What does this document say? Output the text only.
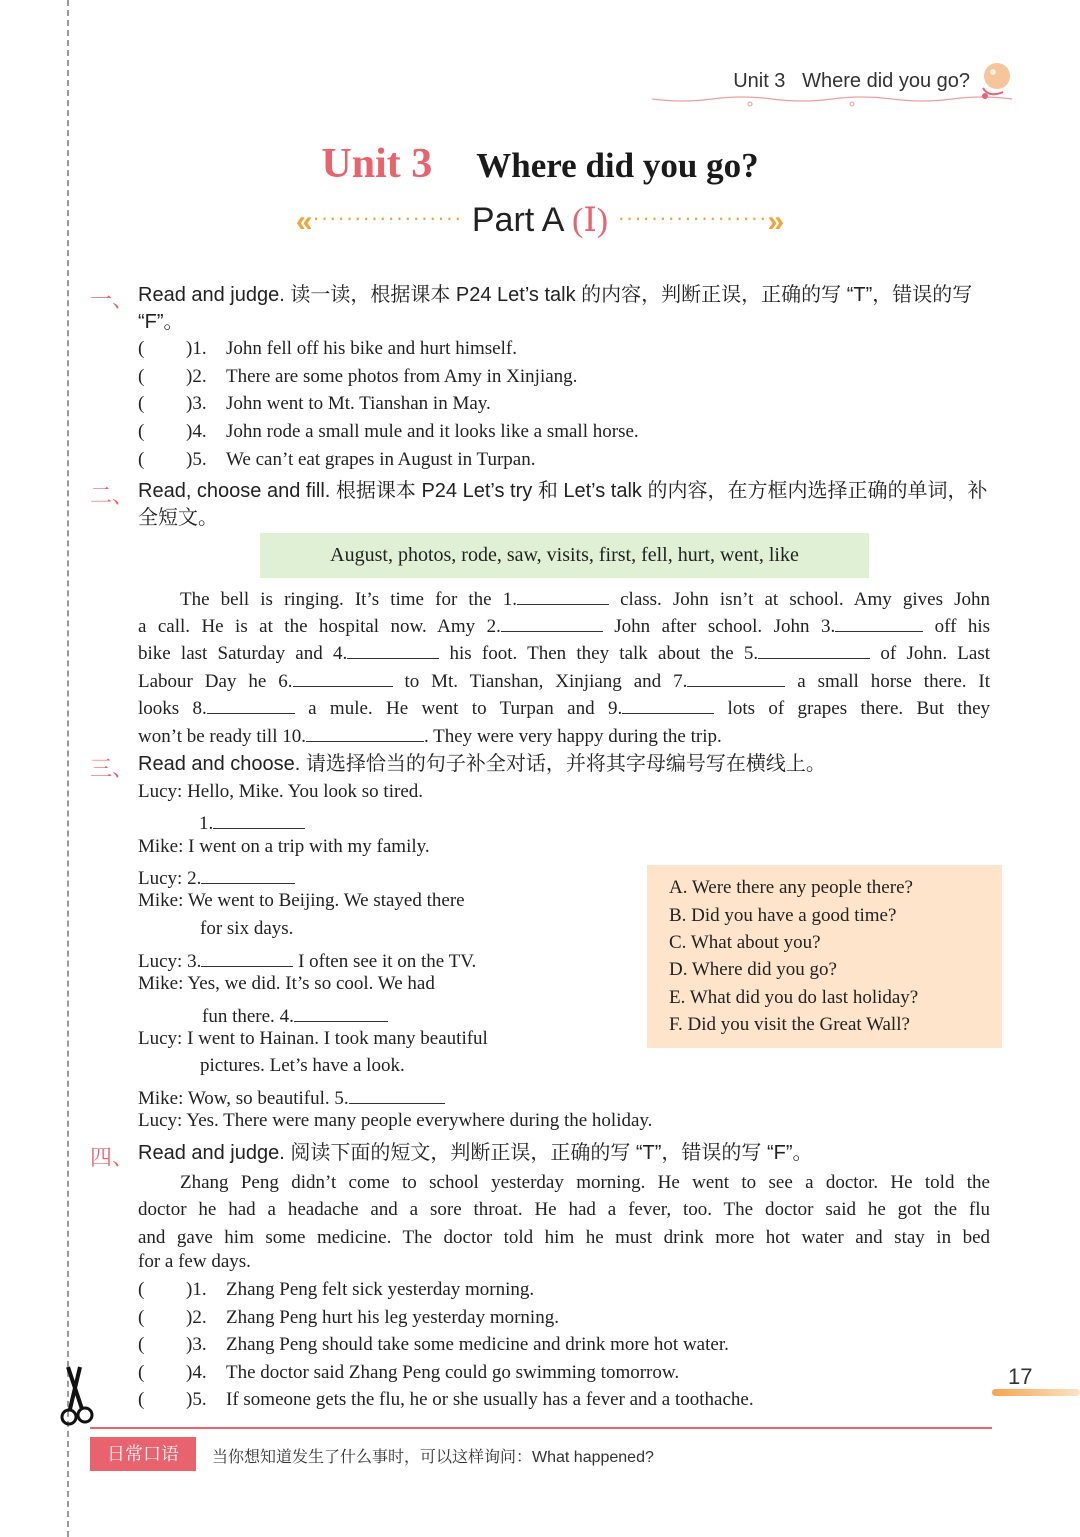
Unit 3 Where did you go?
Unit 3 Where did you go?
«·················· Part A (Ⅰ) ··················»
一、 Read and judge. 读一读，根据课本 P24 Let’s talk 的内容，判断正误，正确的写 “T”，错误的写 “F”。
( )1. John fell off his bike and hurt himself.
( )2. There are some photos from Amy in Xinjiang.
( )3. John went to Mt. Tianshan in May.
( )4. John rode a small mule and it looks like a small horse.
( )5. We can’t eat grapes in August in Turpan.
二、 Read, choose and fill. 根据课本 P24 Let’s try 和 Let’s talk 的内容，在方框内选择正确的单词，补全短文。
August, photos, rode, saw, visits, first, fell, hurt, went, like
The bell is ringing. It’s time for the 1.	class. John isn’t at school. Amy gives John
a call. He is at the hospital now. Amy 2.	John after school. John 3.	off his
bike last Saturday and 4.	his foot. Then they talk about the 5.	of John. Last
Labour Day he 6.	to Mt. Tianshan, Xinjiang and 7.	a small horse there. It
looks 8.	a mule. He went to Turpan and 9.	lots of grapes there. But they
won’t be ready till 10.	. They were very happy during the trip.
三、 Read and choose. 请选择恰当的句子补全对话，并将其字母编号写在横线上。
Lucy: Hello, Mike. You look so tired.
1.
Mike: I went on a trip with my family.
Lucy: 2.
Mike: We went to Beijing. We stayed there
for six days.
Lucy: 3.	I often see it on the TV.
Mike: Yes, we did. It’s so cool. We had
fun there. 4.
Lucy: I went to Hainan. I took many beautiful
pictures. Let’s have a look.
Mike: Wow, so beautiful. 5.
Lucy: Yes. There were many people everywhere during the holiday.
A. Were there any people there?
B. Did you have a good time?
C. What about you?
D. Where did you go?
E. What did you do last holiday?
F. Did you visit the Great Wall?
四、 Read and judge. 阅读下面的短文，判断正误，正确的写 “T”，错误的写 “F”。
Zhang Peng didn’t come to school yesterday morning. He went to see a doctor. He told the
doctor he had a headache and a sore throat. He had a fever, too. The doctor said he got the flu
and gave him some medicine. The doctor told him he must drink more hot water and stay in bed
for a few days.
( )1. Zhang Peng felt sick yesterday morning.
( )2. Zhang Peng hurt his leg yesterday morning.
( )3. Zhang Peng should take some medicine and drink more hot water.
( )4. The doctor said Zhang Peng could go swimming tomorrow.
( )5. If someone gets the flu, he or she usually has a fever and a toothache.
17
日常口语	当你想知道发生了什么事时，可以这样询问：What happened?
